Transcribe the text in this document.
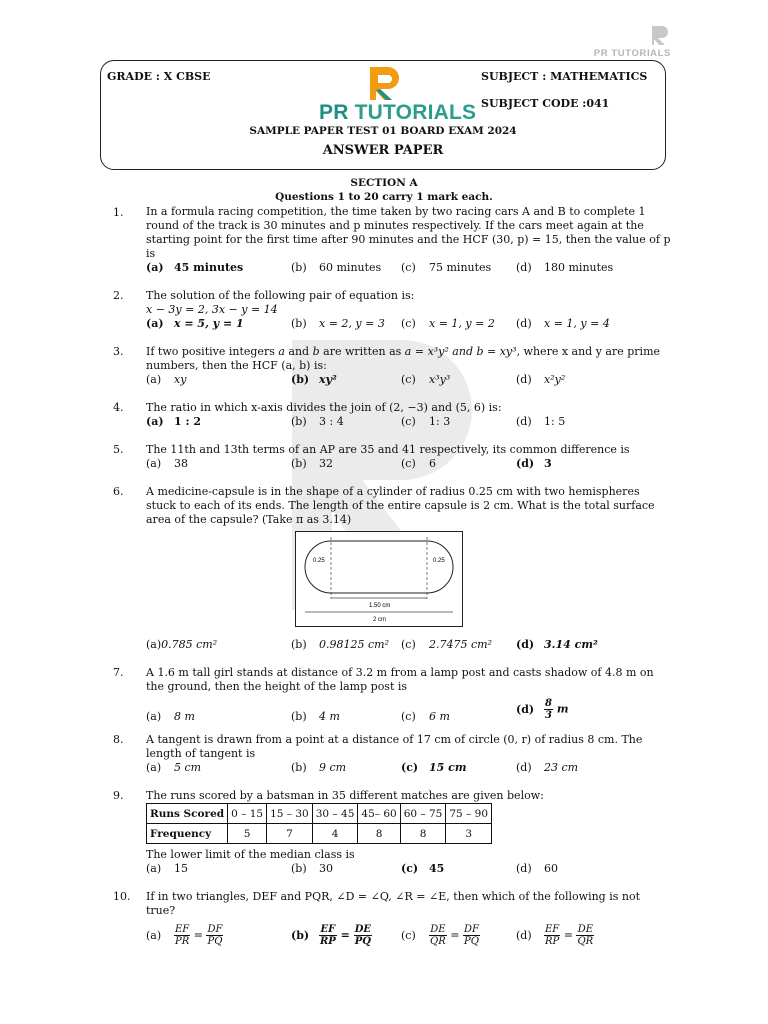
PR TUTORIALS
GRADE : X CBSE	SUBJECT : MATHEMATICS
SUBJECT CODE :041
PR TUTORIALS
SAMPLE PAPER TEST 01 BOARD EXAM 2024
ANSWER PAPER
SECTION A
Questions 1 to 20 carry 1 mark each.
1. In a formula racing competition, the time taken by two racing cars A and B to complete 1 round of the track is 30 minutes and p minutes respectively. If the cars meet again at the starting point for the first time after 90 minutes and the HCF (30, p) = 15, then the value of p is
(a) 45 minutes	(b) 60 minutes (c) 75 minutes (d) 180 minutes
2. The solution of the following pair of equation is:
x − 3y = 2, 3x − y = 14
(a) x = 5, y = 1	(b) x = 2, y = 3 (c) x = 1, y = 2 (d) x = 1, y = 4
3. If two positive integers a and b are written as a = x³y² and b = xy³, where x and y are prime numbers, then the HCF (a, b) is:
(a) xy	(b) xy²	(c) x³y³	(d) x²y²
4. The ratio in which x-axis divides the join of (2, −3) and (5, 6) is:
(a) 1 : 2	(b) 3 : 4	(c) 1: 3	(d) 1: 5
5. The 11th and 13th terms of an AP are 35 and 41 respectively, its common difference is
(a) 38	(b) 32	(c) 6	(d) 3
6. A medicine-capsule is in the shape of a cylinder of radius 0.25 cm with two hemispheres stuck to each of its ends. The length of the entire capsule is 2 cm. What is the total surface area of the capsule? (Take π as 3.14)
0.25	0.25
1.50 cm
2 cm
(a)0.785 cm²	(b) 0.98125 cm² (c) 2.7475 cm² (d) 3.14 cm²
7. A 1.6 m tall girl stands at distance of 3.2 m from a lamp post and casts shadow of 4.8 m on the ground, then the height of the lamp post is
(a) 8 m	(b) 4 m	(c) 6 m
$(d) \frac{8}{3}$ m
8. A tangent is drawn from a point at a distance of 17 cm of circle (0, r) of radius 8 cm. The length of tangent is
(a) 5 cm	(b) 9 cm	(c) 15 cm	(d) 23 cm
9. The runs scored by a batsman in 35 different matches are given below:
Runs Scored	0 – 15	15 – 30	30 – 45	45– 60	60 – 75	75 – 90
Frequency	5	7	4	8	8	3
The lower limit of the median class is
(a) 15	(b) 30	(c) 45	(d) 60
10. If in two triangles, DEF and PQR, ∠D = ∠Q, ∠R = ∠E, then which of the following is not true?
$(a) \frac{EF}{PR} = \frac{DF}{PQ}$	$(b) \frac{EF}{RP} = \frac{DE}{PQ}$	$(c) \frac{DE}{QR} = \frac{DF}{PQ}$	$(d) \frac{EF}{RP} = \frac{DE}{QR}$
